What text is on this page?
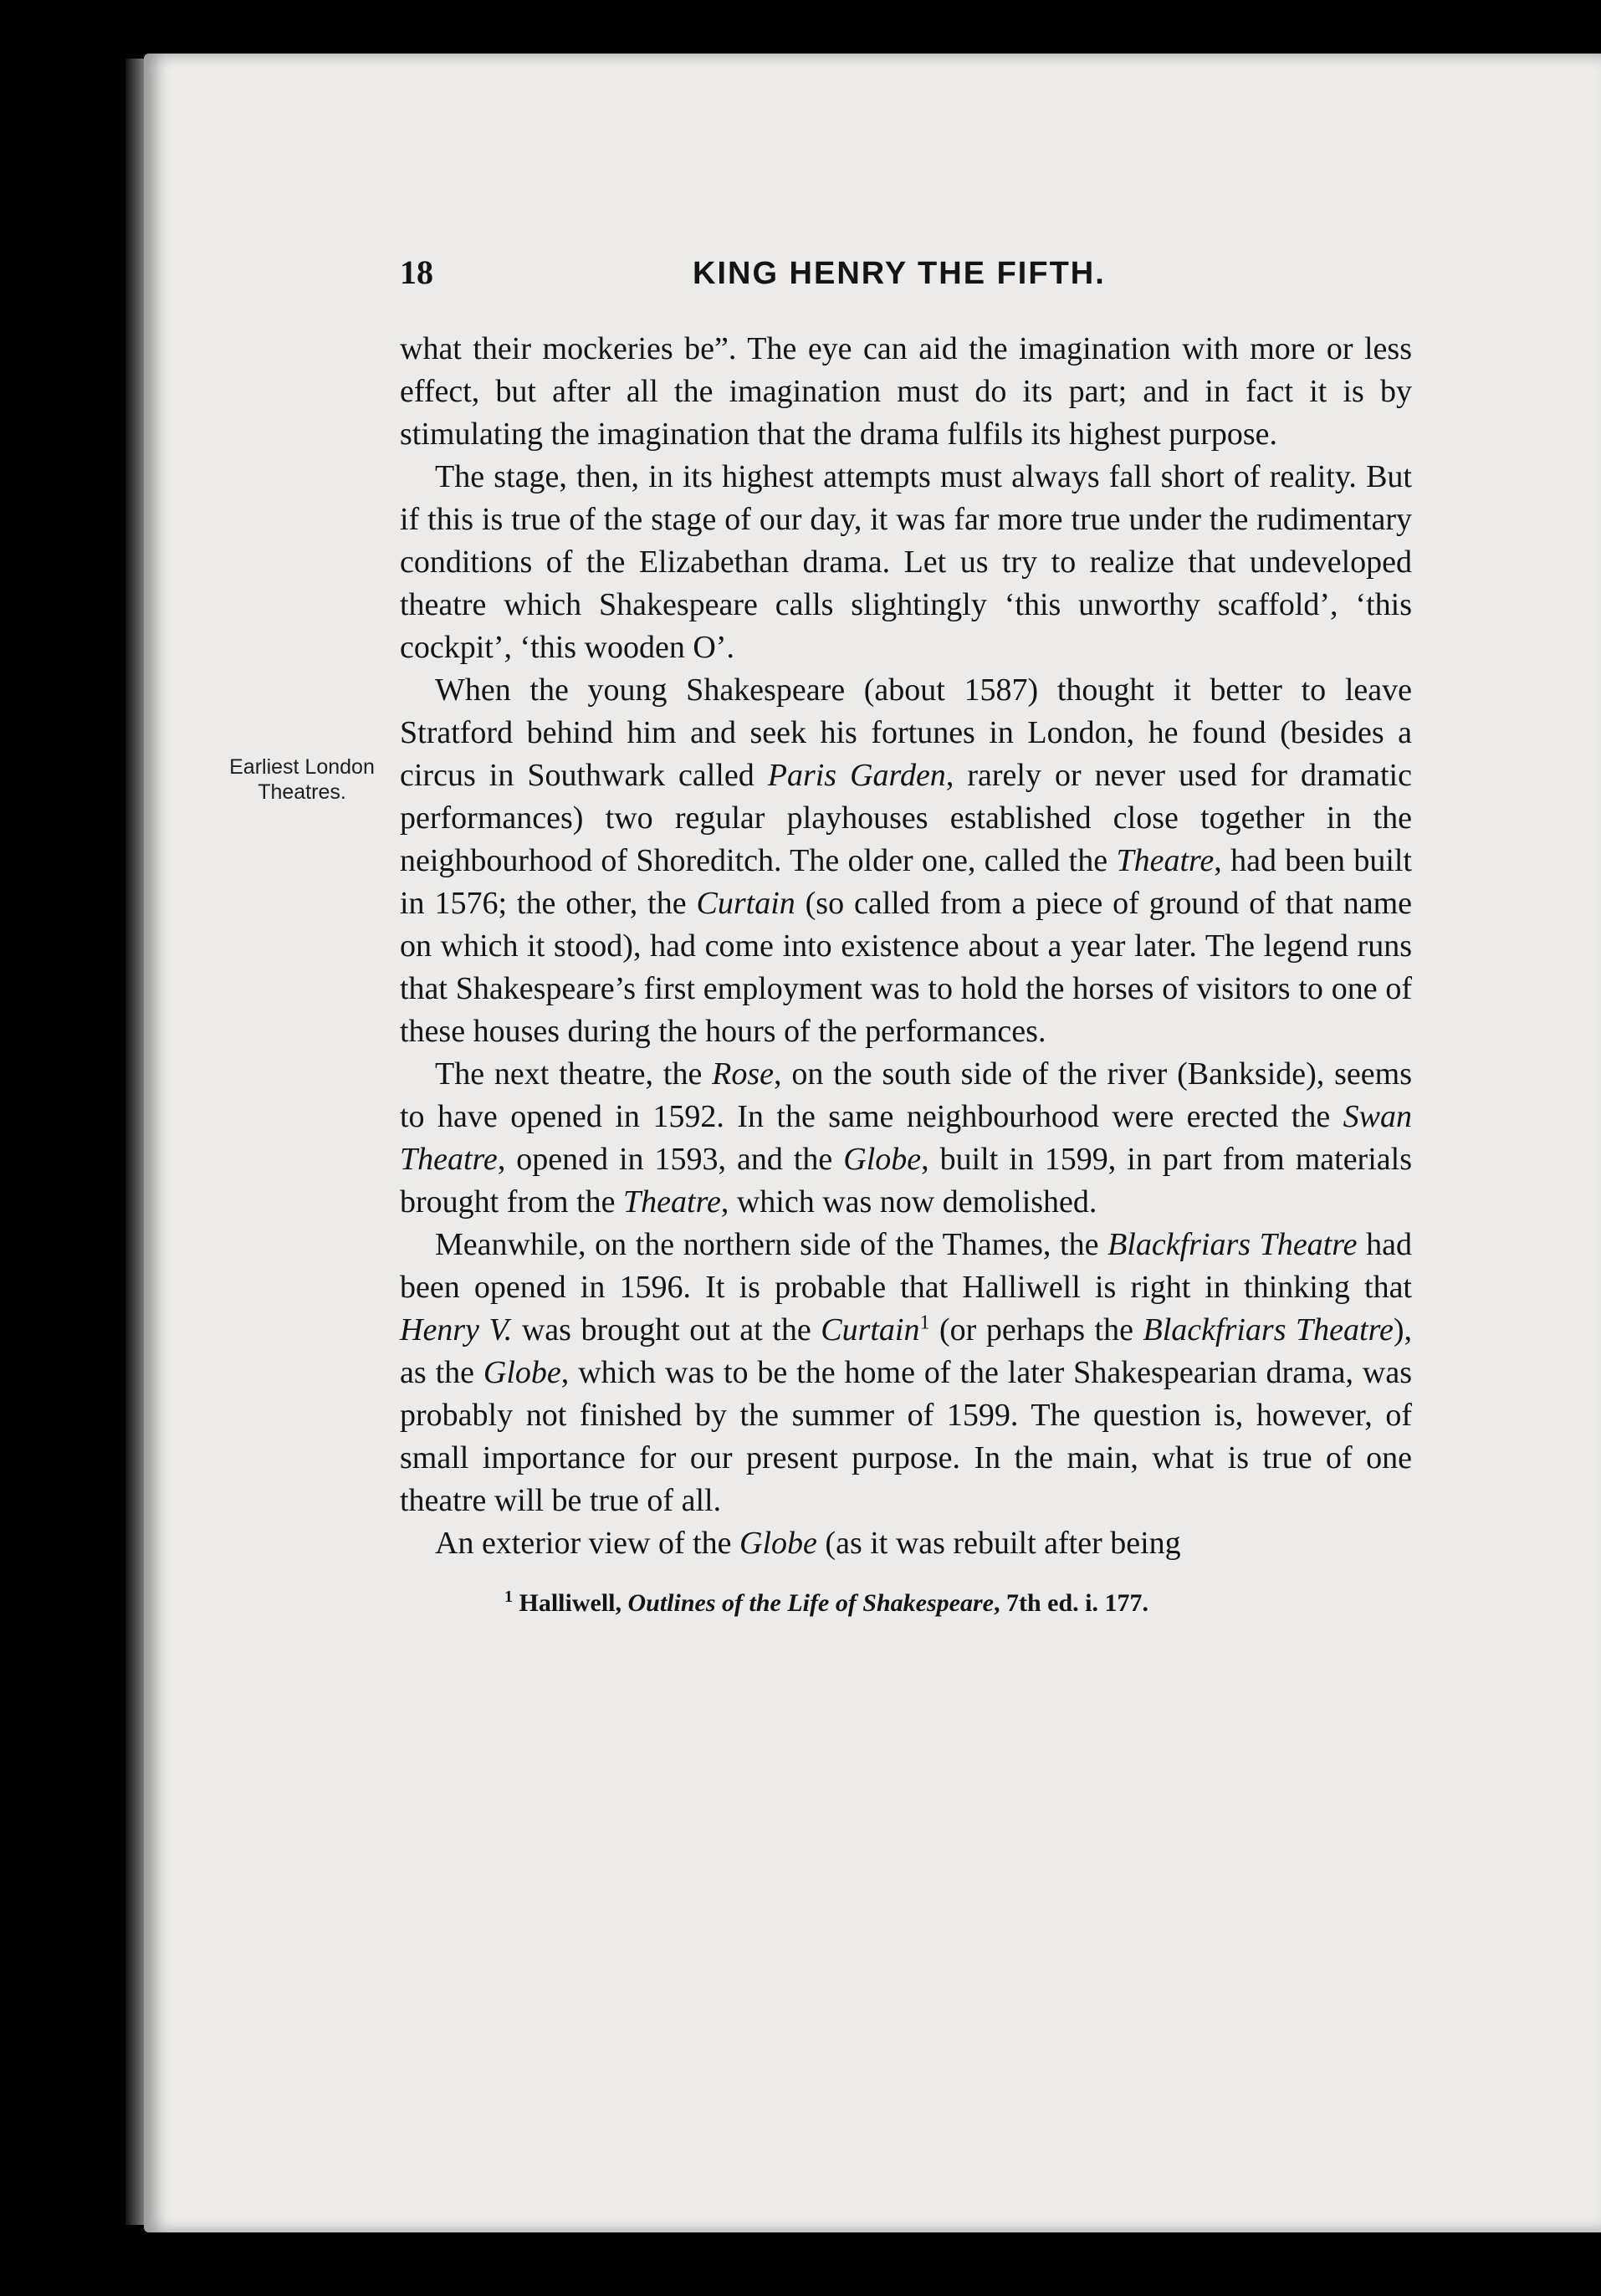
18	KING HENRY THE FIFTH.

what their mockeries be”. The eye can aid the imagination with more or less effect, but after all the imagination must do its part; and in fact it is by stimulating the imagination that the drama fulfils its highest purpose.

The stage, then, in its highest attempts must always fall short of reality. But if this is true of the stage of our day, it was far more true under the rudimentary conditions of the Elizabethan drama. Let us try to realize that undeveloped theatre which Shakespeare calls slightingly ‘this unworthy scaffold’, ‘this cockpit’, ‘this wooden O’.

Earliest London
Theatres.

When the young Shakespeare (about 1587) thought it better to leave Stratford behind him and seek his fortunes in London, he found (besides a circus in Southwark called Paris Garden, rarely or never used for dramatic performances) two regular playhouses established close together in the neighbourhood of Shoreditch. The older one, called the Theatre, had been built in 1576; the other, the Curtain (so called from a piece of ground of that name on which it stood), had come into existence about a year later. The legend runs that Shakespeare’s first employment was to hold the horses of visitors to one of these houses during the hours of the performances.

The next theatre, the Rose, on the south side of the river (Bankside), seems to have opened in 1592. In the same neighbourhood were erected the Swan Theatre, opened in 1593, and the Globe, built in 1599, in part from materials brought from the Theatre, which was now demolished.

Meanwhile, on the northern side of the Thames, the Blackfriars Theatre had been opened in 1596. It is probable that Halliwell is right in thinking that Henry V. was brought out at the Curtain$^1$ (or perhaps the Blackfriars Theatre), as the Globe, which was to be the home of the later Shakespearian drama, was probably not finished by the summer of 1599. The question is, however, of small importance for our present purpose. In the main, what is true of one theatre will be true of all.

An exterior view of the Globe (as it was rebuilt after being

$^1$ Halliwell, Outlines of the Life of Shakespeare, 7th ed. i. 177.
